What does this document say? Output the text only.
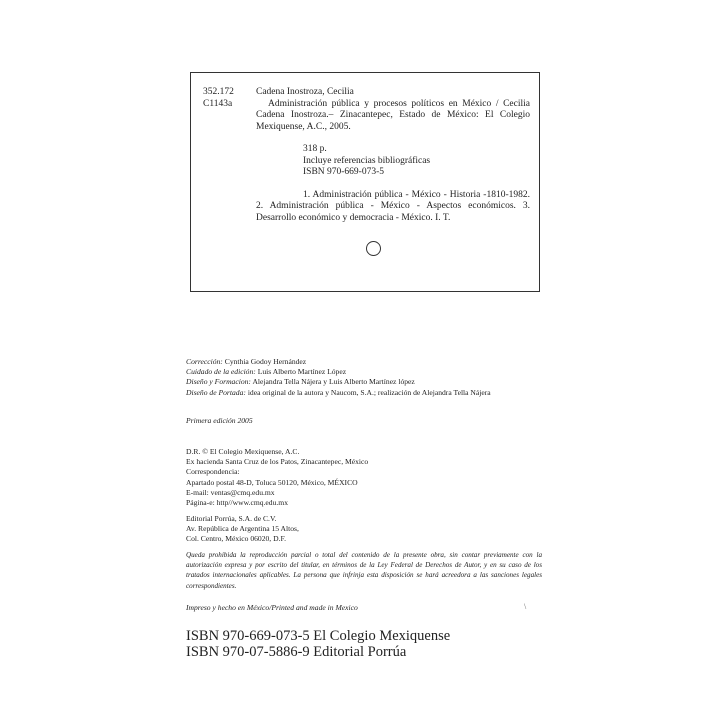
352.172
C1143a
Cadena Inostroza, Cecilia
Administración pública y procesos políticos en México / Cecilia Cadena Inostroza.– Zinacantepec, Estado de México: El Colegio Mexiquense, A.C., 2005.
318 p.
Incluye referencias bibliográficas
ISBN 970-669-073-5
1. Administración pública - México - Historia -1810-1982. 2. Administración pública - México - Aspectos económicos. 3. Desarrollo económico y democracia - México. I. T.
Corrección: Cynthia Godoy Hernández
Cuidado de la edición: Luis Alberto Martínez López
Diseño y Formacion: Alejandra Tella Nájera y Luis Alberto Martínez lópez
Diseño de Portada: idea original de la autora y Naucom, S.A.; realización de Alejandra Tella Nájera
Primera edición 2005
D.R. © El Colegio Mexiquense, A.C.
Ex hacienda Santa Cruz de los Patos, Zinacantepec, México
Correspondencia:
Apartado postal 48-D, Toluca 50120, México, MÉXICO
E-mail: ventas@cmq.edu.mx
Página-e: http//www.cmq.edu.mx
Editorial Porrúa, S.A. de C.V.
Av. República de Argentina 15 Altos,
Col. Centro, México 06020, D.F.
Queda prohibida la reproducción parcial o total del contenido de la presente obra, sin contar previamente con la autorización expresa y por escrito del titular, en términos de la Ley Federal de Derechos de Autor, y en su caso de los tratados internacionales aplicables. La persona que infrinja esta disposición se hará acreedora a las sanciones legales correspondientes.
Impreso y hecho en México/Printed and made in Mexico	\
ISBN 970-669-073-5 El Colegio Mexiquense
ISBN 970-07-5886-9 Editorial Porrúa
